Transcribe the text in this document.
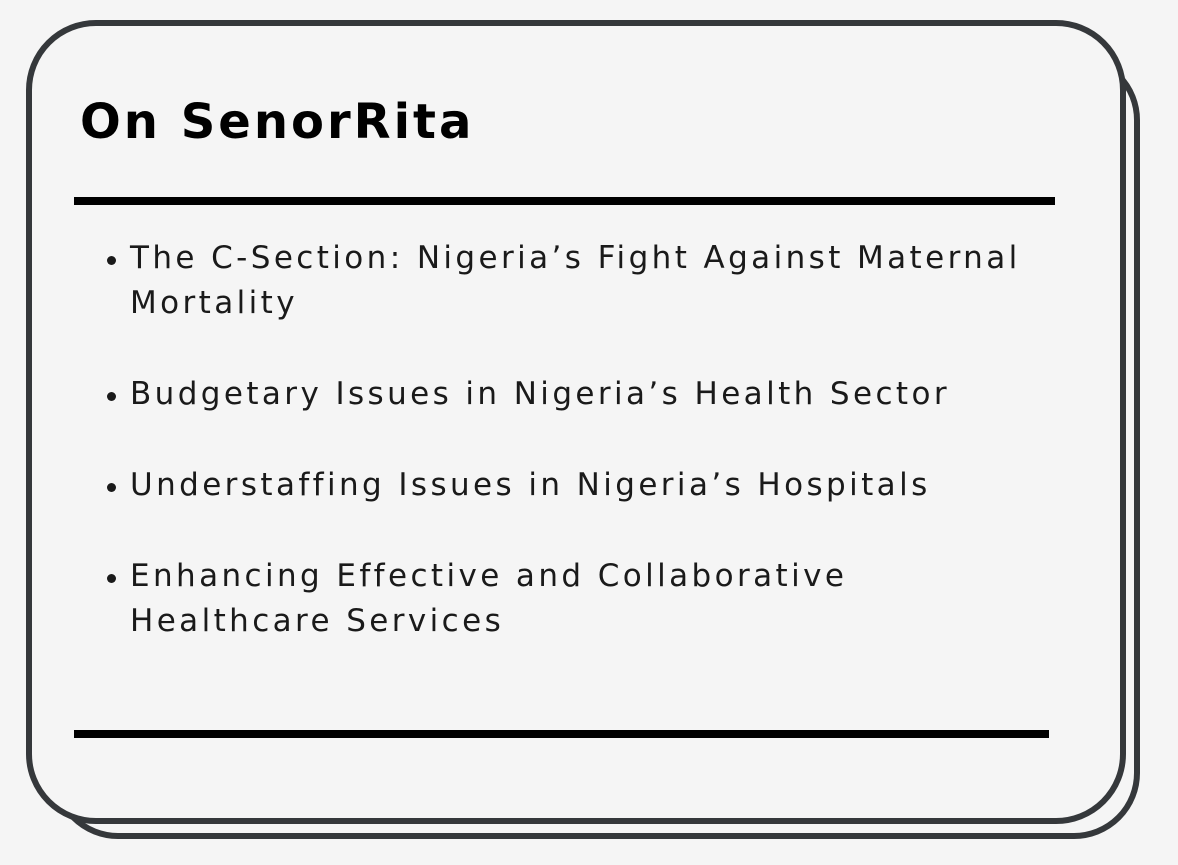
On SenorRita
The C-Section: Nigeria’s Fight Against Maternal Mortality
Budgetary Issues in Nigeria’s Health Sector
Understaffing Issues in Nigeria’s Hospitals
Enhancing Effective and Collaborative Healthcare Services
